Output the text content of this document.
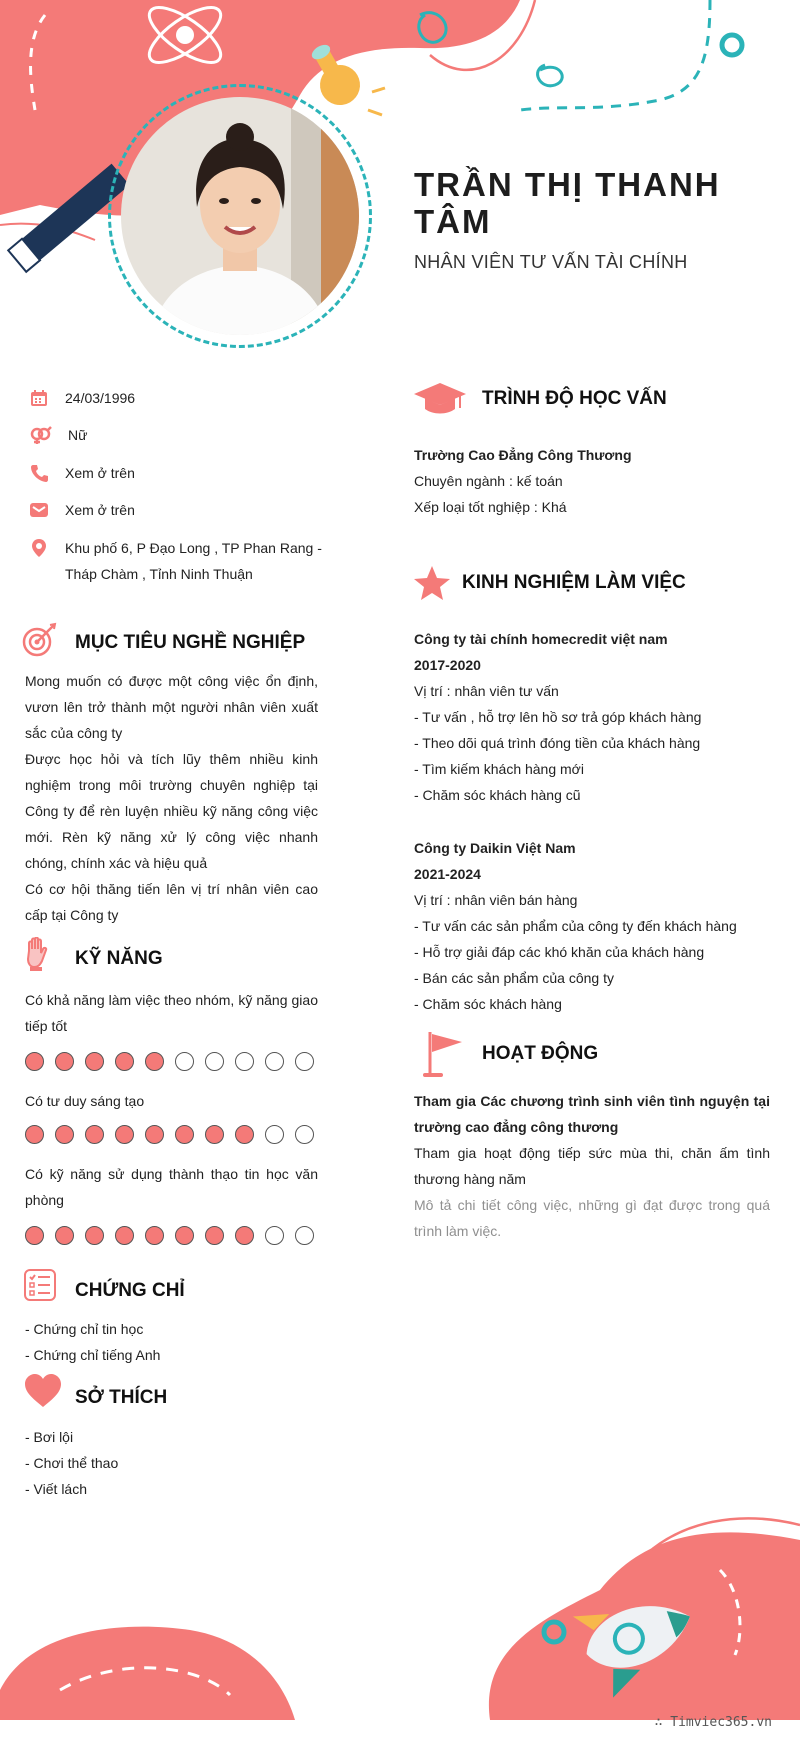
TRẦN THỊ THANH TÂM
NHÂN VIÊN TƯ VẤN TÀI CHÍNH
24/03/1996
Nữ
Xem ở trên
Xem ở trên
Khu phố 6, P Đạo Long , TP Phan Rang - Tháp Chàm , Tỉnh Ninh Thuận
MỤC TIÊU NGHỀ NGHIỆP
Mong muốn có được một công việc ổn định, vươn lên trở thành một người nhân viên xuất sắc của công ty
Được học hỏi và tích lũy thêm nhiều kinh nghiệm trong môi trường chuyên nghiệp tại Công ty để rèn luyện nhiều kỹ năng công việc mới. Rèn kỹ năng xử lý công việc nhanh chóng, chính xác và hiệu quả
Có cơ hội thăng tiến lên vị trí nhân viên cao cấp tại Công ty
KỸ NĂNG
Có khả năng làm việc theo nhóm, kỹ năng giao tiếp tốt
Có tư duy sáng tạo
Có kỹ năng sử dụng thành thạo tin học văn phòng
CHỨNG CHỈ
- Chứng chỉ tin học
- Chứng chỉ tiếng Anh
SỞ THÍCH
- Bơi lội
- Chơi thể thao
- Viết lách
TRÌNH ĐỘ HỌC VẤN
Trường Cao Đẳng Công Thương
Chuyên ngành : kế toán
Xếp loại tốt nghiệp : Khá
KINH NGHIỆM LÀM VIỆC
Công ty tài chính homecredit việt nam
2017-2020
Vị trí : nhân viên tư vấn
- Tư vấn , hỗ trợ lên hồ sơ trả góp khách hàng
- Theo dõi quá trình đóng tiền của khách hàng
- Tìm kiếm khách hàng mới
- Chăm sóc khách hàng cũ
Công ty Daikin Việt Nam
2021-2024
Vị trí : nhân viên bán hàng
- Tư vấn các sản phẩm của công ty đến khách hàng
- Hỗ trợ giải đáp các khó khăn của khách hàng
- Bán các sản phẩm của công ty
- Chăm sóc khách hàng
HOẠT ĐỘNG
Tham gia Các chương trình sinh viên tình nguyện tại trường cao đẳng công thương
Tham gia hoạt động tiếp sức mùa thi, chăn ấm tình thương hàng năm
Mô tả chi tiết công việc, những gì đạt được trong quá trình làm việc.
∴ Timviec365.vn
